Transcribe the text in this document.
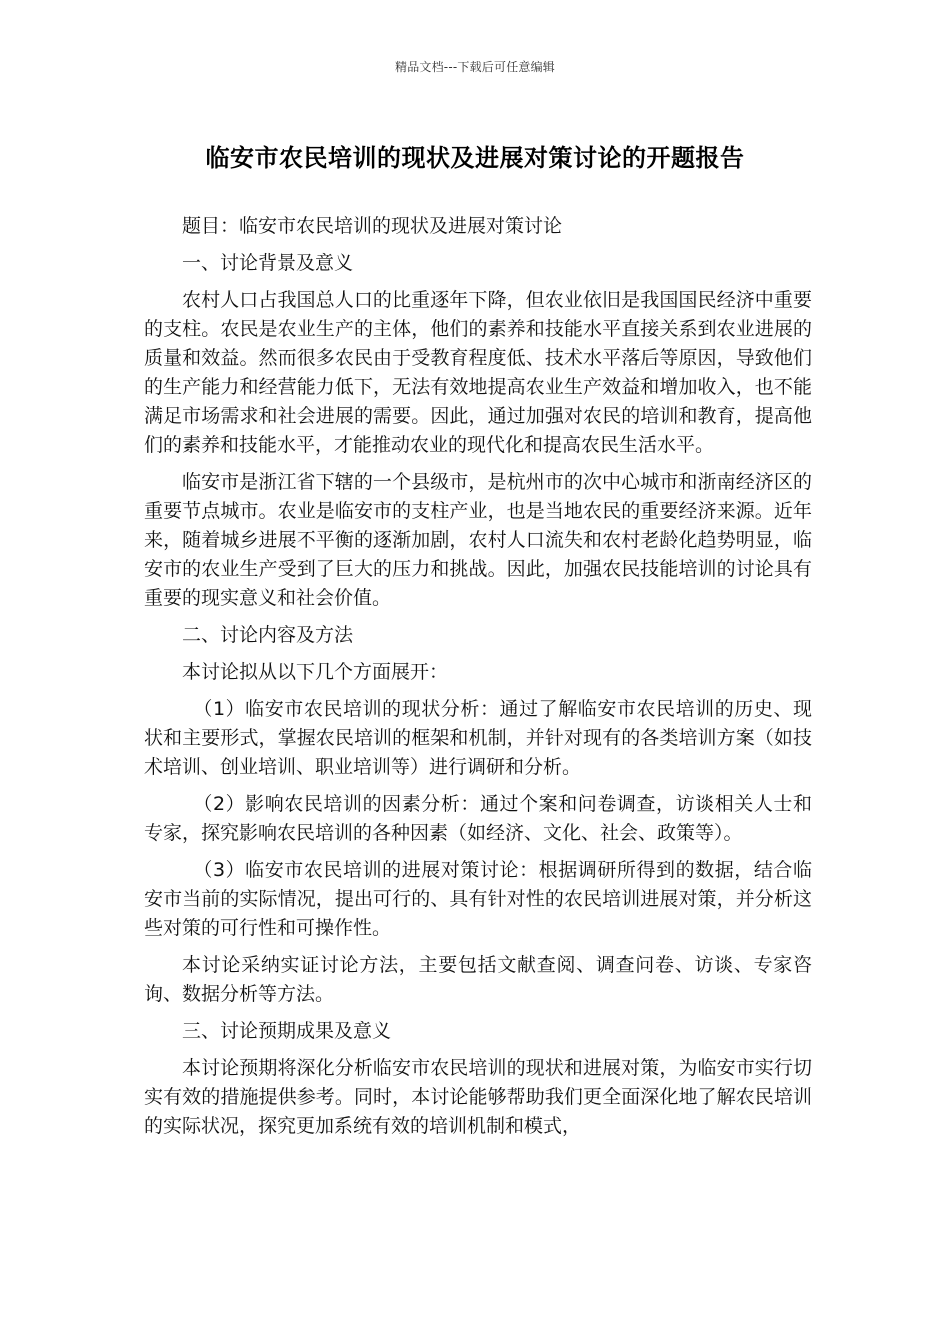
精品文档---下载后可任意编辑
临安市农民培训的现状及进展对策讨论的开题报告

题目：临安市农民培训的现状及进展对策讨论

一、讨论背景及意义

农村人口占我国总人口的比重逐年下降，但农业依旧是我国国民经济中重要的支柱。农民是农业生产的主体，他们的素养和技能水平直接关系到农业进展的质量和效益。然而很多农民由于受教育程度低、技术水平落后等原因，导致他们的生产能力和经营能力低下，无法有效地提高农业生产效益和增加收入，也不能满足市场需求和社会进展的需要。因此，通过加强对农民的培训和教育，提高他们的素养和技能水平，才能推动农业的现代化和提高农民生活水平。

临安市是浙江省下辖的一个县级市，是杭州市的次中心城市和浙南经济区的重要节点城市。农业是临安市的支柱产业，也是当地农民的重要经济来源。近年来，随着城乡进展不平衡的逐渐加剧，农村人口流失和农村老龄化趋势明显，临安市的农业生产受到了巨大的压力和挑战。因此，加强农民技能培训的讨论具有重要的现实意义和社会价值。

二、讨论内容及方法

本讨论拟从以下几个方面展开：

（1）临安市农民培训的现状分析：通过了解临安市农民培训的历史、现状和主要形式，掌握农民培训的框架和机制，并针对现有的各类培训方案（如技术培训、创业培训、职业培训等）进行调研和分析。

（2）影响农民培训的因素分析：通过个案和问卷调查，访谈相关人士和专家，探究影响农民培训的各种因素（如经济、文化、社会、政策等）。

（3）临安市农民培训的进展对策讨论：根据调研所得到的数据，结合临安市当前的实际情况，提出可行的、具有针对性的农民培训进展对策，并分析这些对策的可行性和可操作性。

本讨论采纳实证讨论方法，主要包括文献查阅、调查问卷、访谈、专家咨询、数据分析等方法。

三、讨论预期成果及意义

本讨论预期将深化分析临安市农民培训的现状和进展对策，为临安市实行切实有效的措施提供参考。同时，本讨论能够帮助我们更全面深化地了解农民培训的实际状况，探究更加系统有效的培训机制和模式，
